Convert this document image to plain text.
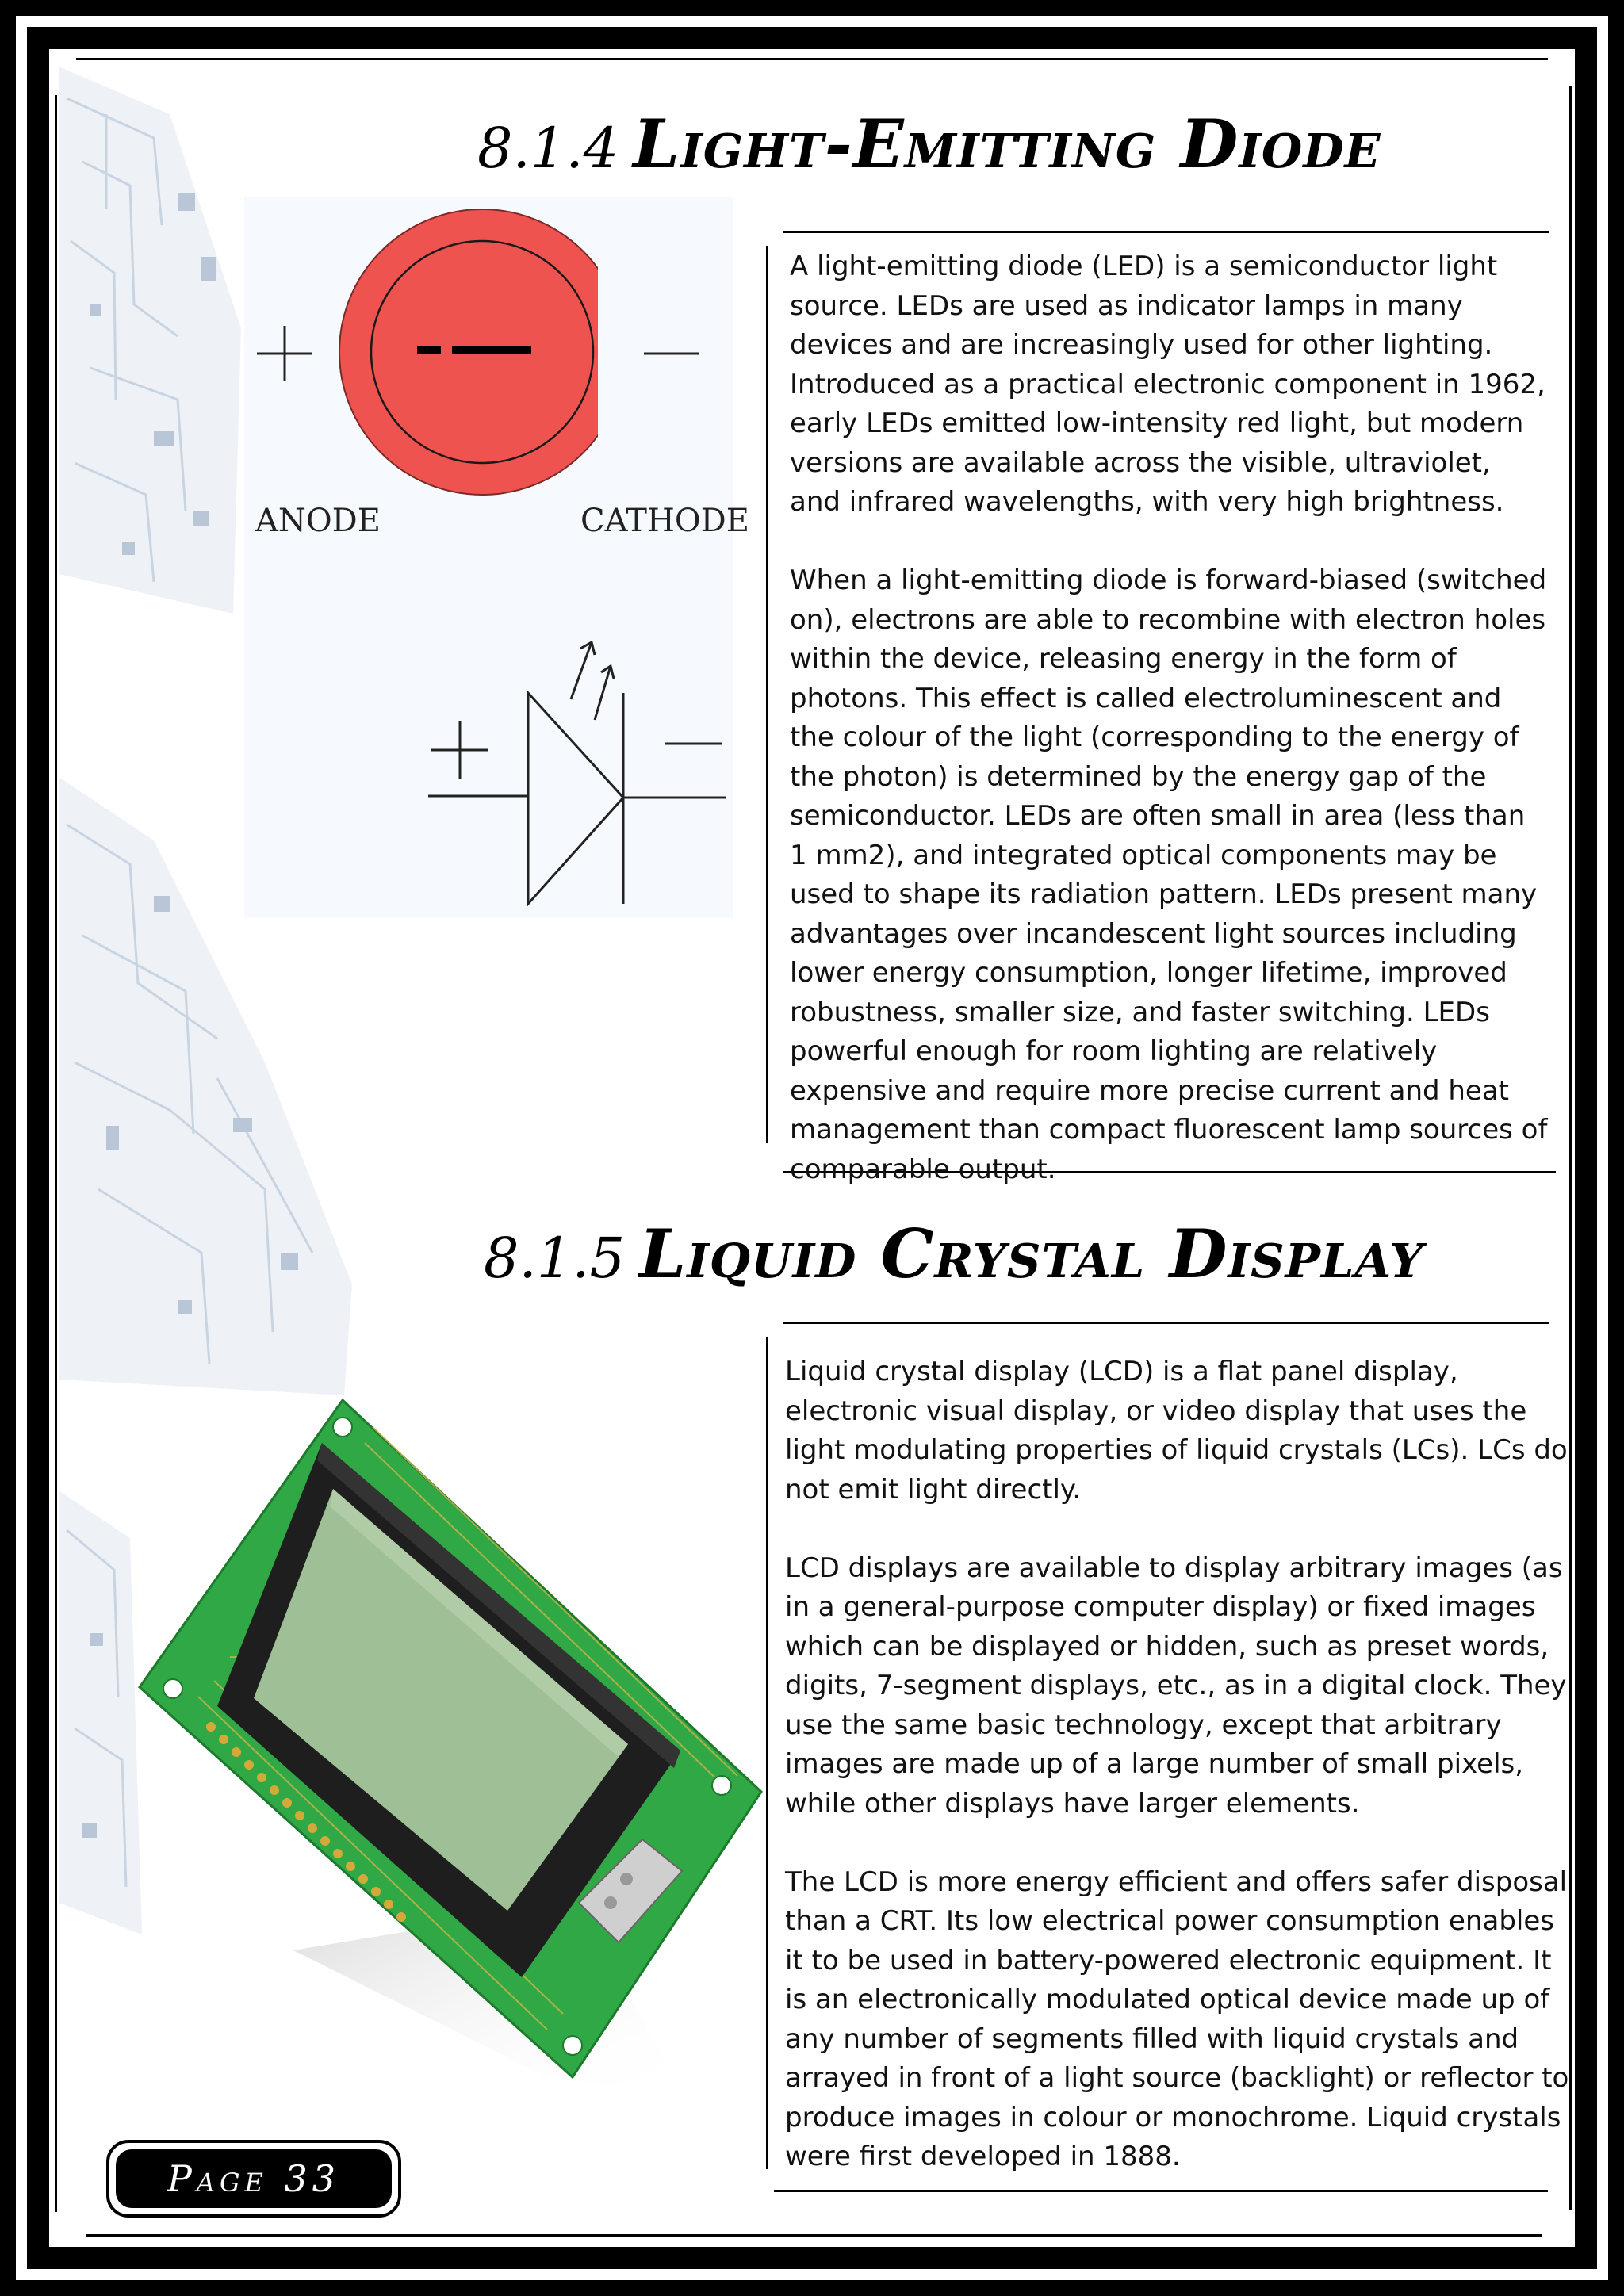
8.1.4 Light-Emitting Diode
ANODE	CATHODE

A light-emitting diode (LED) is a semiconductor light source. LEDs are used as indicator lamps in many devices and are increasingly used for other lighting. Introduced as a practical electronic component in 1962, early LEDs emitted low-intensity red light, but modern versions are available across the visible, ultraviolet, and infrared wavelengths, with very high brightness.

When a light-emitting diode is forward-biased (switched on), electrons are able to recombine with electron holes within the device, releasing energy in the form of photons. This effect is called electroluminescent and the colour of the light (corresponding to the energy of the photon) is determined by the energy gap of the semiconductor. LEDs are often small in area (less than 1 mm2), and integrated optical components may be used to shape its radiation pattern. LEDs present many advantages over incandescent light sources including lower energy consumption, longer lifetime, improved robustness, smaller size, and faster switching. LEDs powerful enough for room lighting are relatively expensive and require more precise current and heat management than compact fluorescent lamp sources of comparable output.

8.1.5 Liquid Crystal Display

Liquid crystal display (LCD) is a flat panel display, electronic visual display, or video display that uses the light modulating properties of liquid crystals (LCs). LCs do not emit light directly.

LCD displays are available to display arbitrary images (as in a general-purpose computer display) or fixed images which can be displayed or hidden, such as preset words, digits, 7-segment displays, etc., as in a digital clock. They use the same basic technology, except that arbitrary images are made up of a large number of small pixels, while other displays have larger elements.

The LCD is more energy efficient and offers safer disposal than a CRT. Its low electrical power consumption enables it to be used in battery-powered electronic equipment. It is an electronically modulated optical device made up of any number of segments filled with liquid crystals and arrayed in front of a light source (backlight) or reflector to produce images in colour or monochrome. Liquid crystals were first developed in 1888.

Page 33
